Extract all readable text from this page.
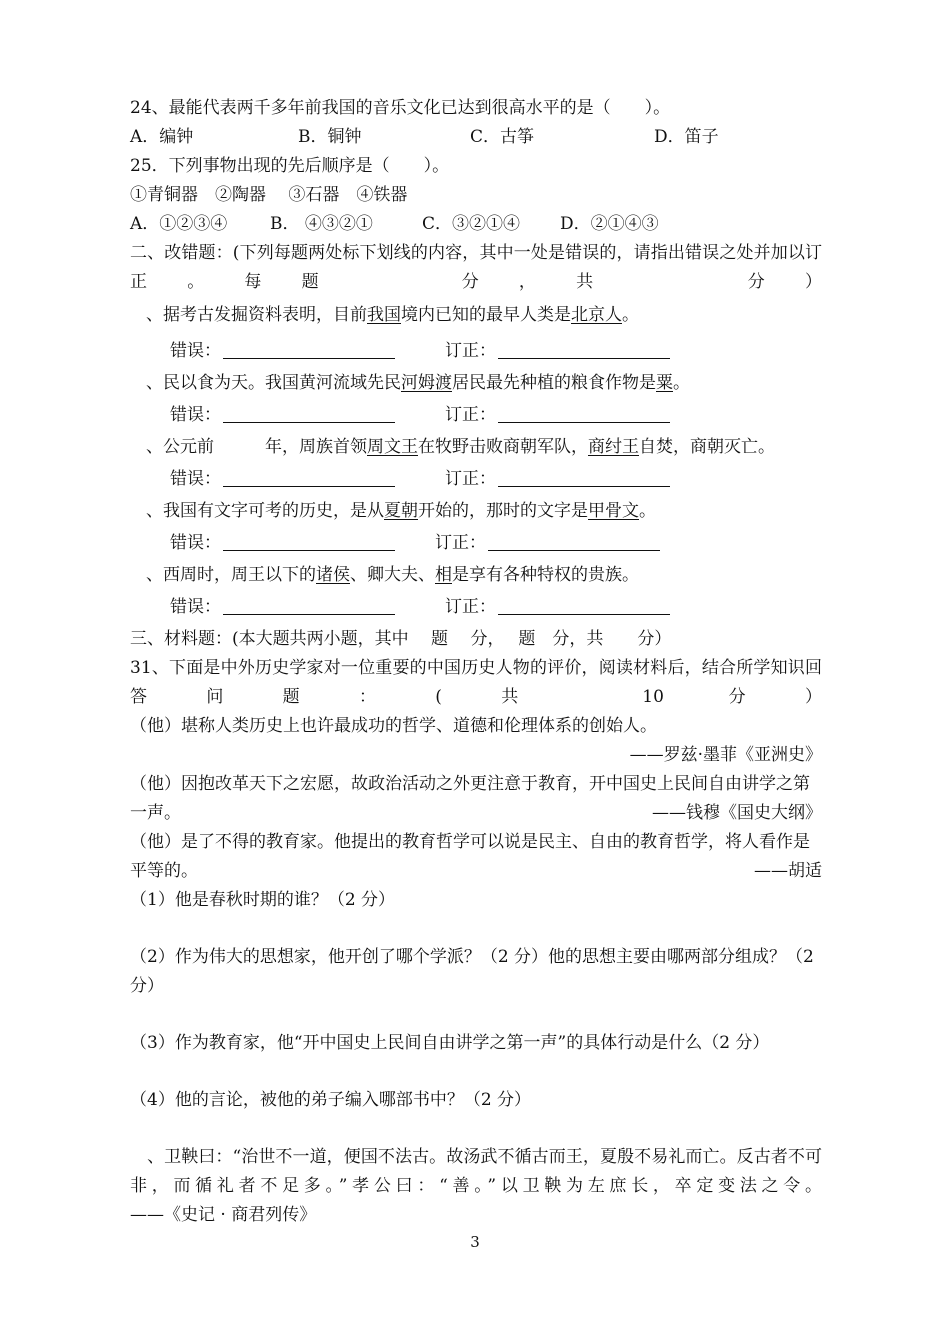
24、最能代表两千多年前我国的音乐文化已达到很高水平的是（　　）。
A．编钟	B．铜钟	C．古筝	D．笛子
25．下列事物出现的先后顺序是（　　）。
①青铜器　②陶器　 ③石器　④铁器
A．①②③④	B． ④③②①	C．③②①④ D．②①④③
二、改错题：(下列每题两处标下划线的内容，其中一处是错误的，请指出错误之处并加以订正。每题　 分，共　　分）
、据考古发掘资料表明，目前我国境内已知的最早人类是北京人。
错误：	订正：
、民以食为天。我国黄河流域先民河姆渡居民最先种植的粮食作物是粟。
错误：	订正：
、公元前　　　年，周族首领周文王在牧野击败商朝军队，商纣王自焚，商朝灭亡。
错误：	订正：
、我国有文字可考的历史，是从夏朝开始的，那时的文字是甲骨文。
错误：	订正：
、西周时，周王以下的诸侯、卿大夫、相是享有各种特权的贵族。
错误：	订正：
三、材料题：(本大题共两小题，其中　 题　 分，　 题　分，共　　分）
31、下面是中外历史学家对一位重要的中国历史人物的评价，阅读材料后，结合所学知识回答问题：(共 10 分）
（他）堪称人类历史上也许最成功的哲学、道德和伦理体系的创始人。
——罗兹·墨菲《亚洲史》
（他）因抱改革天下之宏愿，故政治活动之外更注意于教育，开中国史上民间自由讲学之第一声。	——钱穆《国史大纲》
（他）是了不得的教育家。他提出的教育哲学可以说是民主、自由的教育哲学，将人看作是平等的。	——胡适
（1）他是春秋时期的谁？（2 分）
（2）作为伟大的思想家，他开创了哪个学派？（2 分）他的思想主要由哪两部分组成？（2 分）
（3）作为教育家，他“开中国史上民间自由讲学之第一声”的具体行动是什么（2 分）
（4）他的言论，被他的弟子编入哪部书中？（2 分）
　、卫鞅曰：“治世不一道，便国不法古。故汤武不循古而王，夏殷不易礼而亡。反古者不可非，而循礼者不足多。”孝公曰：“善。”以卫鞅为左庶长，卒定变法之令。
——《史记 · 商君列传》
3
